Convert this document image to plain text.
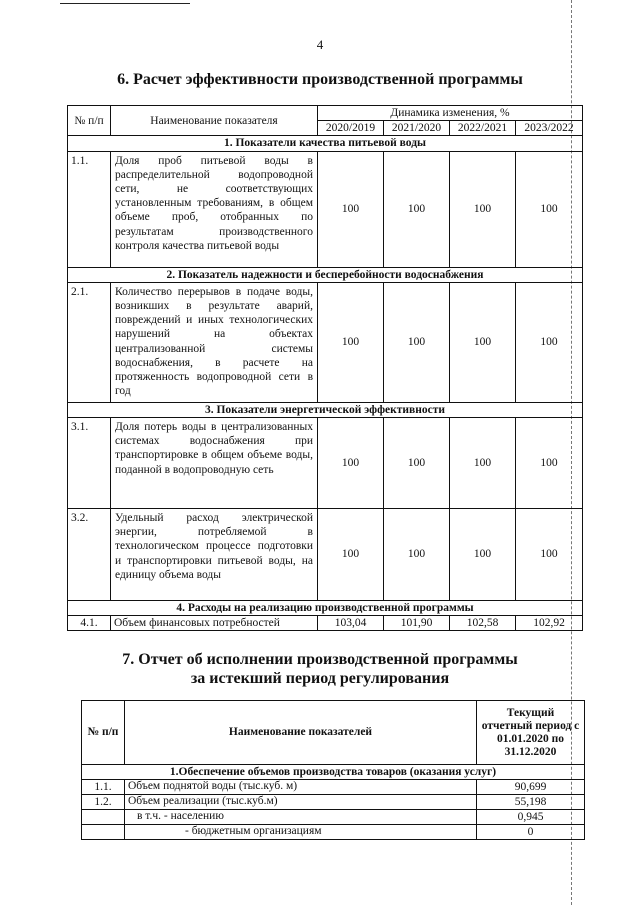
4
6. Расчет эффективности производственной программы
№ п/п	Наименование показателя	Динамика изменения, %			
		2020/2019	2021/2020	2022/2021	2023/2022
1. Показатели качества питьевой воды					
1.1.	Доля проб питьевой воды в распределительной водопроводной сети, не соответствующих установленным требованиям, в общем объеме проб, отобранных по результатам производственного контроля качества питьевой воды	100	100	100	100
2. Показатель надежности и бесперебойности водоснабжения					
2.1.	Количество перерывов в подаче воды, возникших в результате аварий, повреждений и иных технологических нарушений на объектах централизованной системы водоснабжения, в расчете на протяженность водопроводной сети в год	100	100	100	100
3. Показатели энергетической эффективности					
3.1.	Доля потерь воды в централизованных системах водоснабжения при транспортировке в общем объеме воды, поданной в водопроводную сеть	100	100	100	100
3.2.	Удельный расход электрической энергии, потребляемой в технологическом процессе подготовки и транспортировки питьевой воды, на единицу объема воды	100	100	100	100
4. Расходы на реализацию производственной программы					
4.1.	Объем финансовых потребностей	103,04	101,90	102,58	102,92
7. Отчет об исполнении производственной программы
за истекший период регулирования
№ п/п	Наименование показателей	Текущий отчетный период с 01.01.2020 по 31.12.2020
1.Обеспечение объемов производства товаров (оказания услуг)		
1.1.	Объем поднятой воды (тыс.куб. м)	90,699
1.2.	Объем реализации (тыс.куб.м)	55,198
	в т.ч. - населению	0,945
	- бюджетным организациям	0
